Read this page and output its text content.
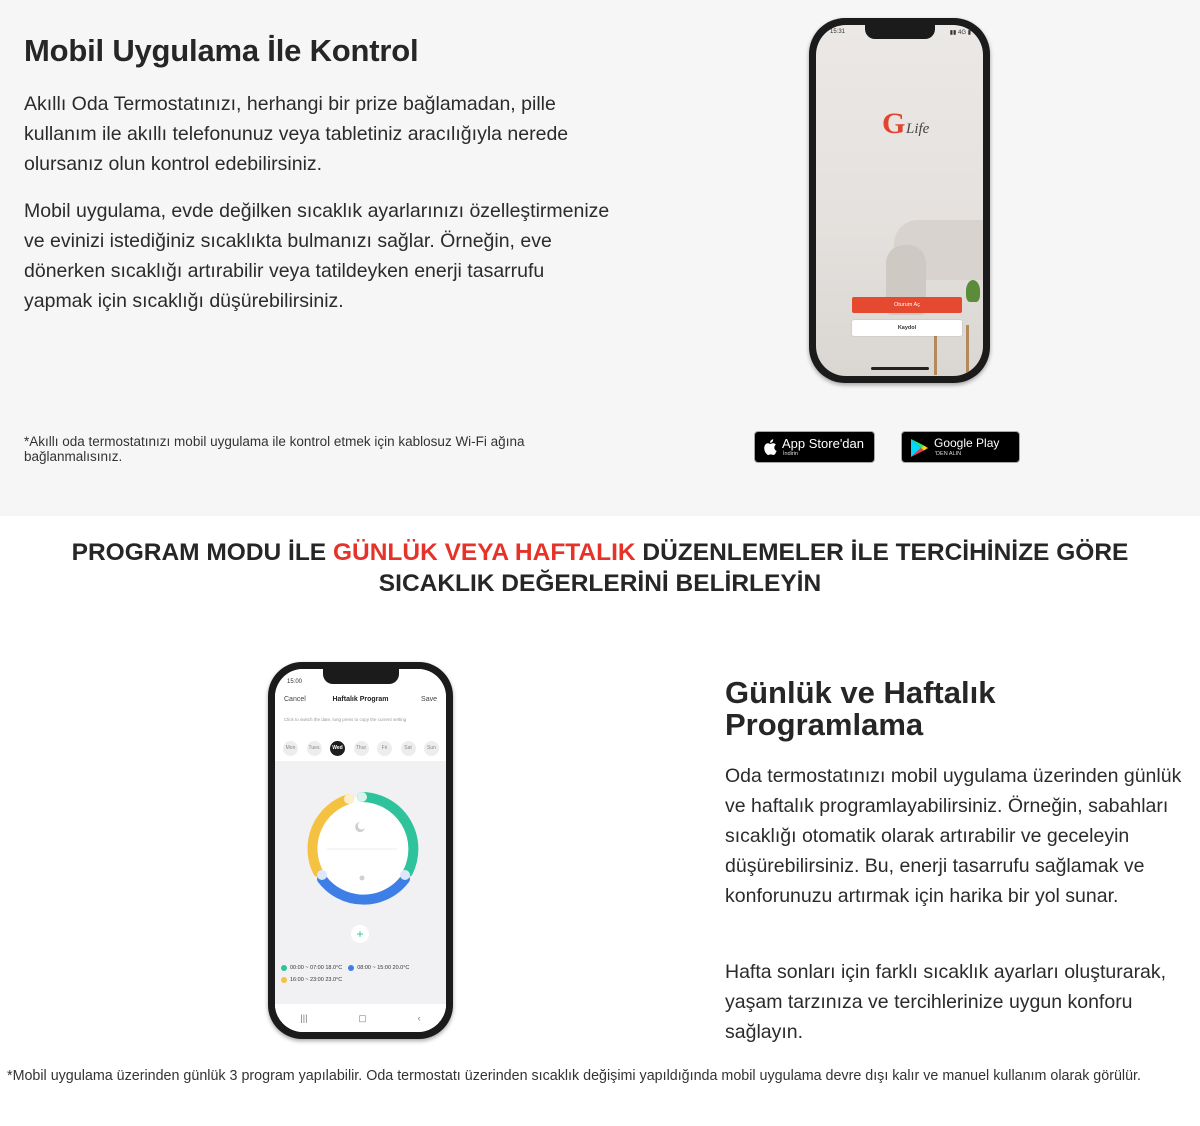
Mobil Uygulama İle Kontrol

Akıllı Oda Termostatınızı, herhangi bir prize bağlamadan, pille kullanım ile akıllı telefonunuz veya tabletiniz aracılığıyla nerede olursanız olun kontrol edebilirsiniz.

Mobil uygulama, evde değilken sıcaklık ayarlarınızı özelleştirmenize ve evinizi istediğiniz sıcaklıkta bulmanızı sağlar. Örneğin, eve dönerken sıcaklığı artırabilir veya tatildeyken enerji tasarrufu yapmak için sıcaklığı düşürebilirsiniz.

*Akıllı oda termostatınızı mobil uygulama ile kontrol etmek için kablosuz Wi-Fi ağına bağlanmalısınız.

15:31	▮▮ 4G ▮
G Life
Oturum Aç
Kaydol
App Store'dan
İndirin
Google Play
'DEN ALIN
PROGRAM MODU İLE GÜNLÜK VEYA HAFTALIK DÜZENLEMELER İLE TERCİHİNİZE GÖRE SICAKLIK DEĞERLERİNİ BELİRLEYİN
15:00
Haftalık Program
Cancel	Save

Click to switch the date, long press to copy the current setting

Mon	Tues	Wed	Thur	Fri	Sat	Sun
+
00:00 ~ 07:00 18.0°C	08:00 ~ 15:00 20.0°C
16:00 ~ 23:00 23.0°C
|||	▢	‹
Günlük ve Haftalık Programlama

Oda termostatınızı mobil uygulama üzerinden günlük ve haftalık programlayabilirsiniz. Örneğin, sabahları sıcaklığı otomatik olarak artırabilir ve geceleyin düşürebilirsiniz. Bu, enerji tasarrufu sağlamak ve konforunuzu artırmak için harika bir yol sunar.

Hafta sonları için farklı sıcaklık ayarları oluşturarak, yaşam tarzınıza ve tercihlerinize uygun konforu sağlayın.

*Mobil uygulama üzerinden günlük 3 program yapılabilir. Oda termostatı üzerinden sıcaklık değişimi yapıldığında mobil uygulama devre dışı kalır ve manuel kullanım olarak görülür.
